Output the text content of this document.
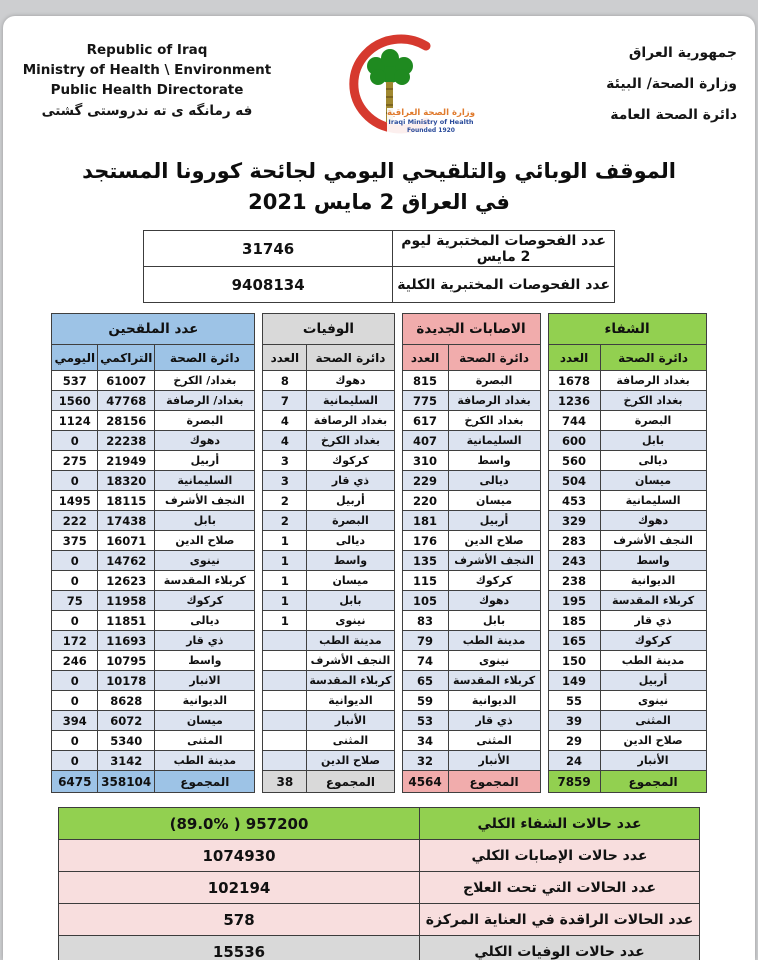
Republic of Iraq
Ministry of Health \ Environment
Public Health Directorate
فه رمانگه ی ته ندروستی گشتی	وزارة الصحة العراقية
Iraqi Ministry of Health
Founded 1920
جمهورية العراق
وزارة الصحة/ البيئة
دائرة الصحة العامة
الموقف الوبائي والتلقيحي اليومي لجائحة كورونا المستجد
في العراق 2 مايس 2021
عدد الفحوصات المختبرية ليوم 2 مايس	31746
عدد الفحوصات المختبرية الكلية	9408134
الشفاء	
دائرة الصحة	العدد
بغداد الرصافة	1678
بغداد الكرخ	1236
البصرة	744
بابل	600
ديالى	560
ميسان	504
السليمانية	453
دهوك	329
النجف الأشرف	283
واسط	243
الديوانية	238
كربلاء المقدسة	195
ذي قار	185
كركوك	165
مدينة الطب	150
أربيل	149
نينوى	55
المثنى	39
صلاح الدين	29
الأنبار	24
المجموع	7859
الاصابات الجديدة	
دائرة الصحة	العدد
البصرة	815
بغداد الرصافة	775
بغداد الكرخ	617
السليمانية	407
واسط	310
ديالى	229
ميسان	220
أربيل	181
صلاح الدين	176
النجف الأشرف	135
كركوك	115
دهوك	105
بابل	83
مدينة الطب	79
نينوى	74
كربلاء المقدسة	65
الديوانية	59
ذي قار	53
المثنى	34
الأنبار	32
المجموع	4564
الوفيات	
دائرة الصحة	العدد
دهوك	8
السليمانية	7
بغداد الرصافة	4
بغداد الكرخ	4
كركوك	3
ذي قار	3
أربيل	2
البصرة	2
ديالى	1
واسط	1
ميسان	1
بابل	1
نينوى	1
مدينة الطب	
النجف الأشرف	
كربلاء المقدسة	
الديوانية	
الأنبار	
المثنى	
صلاح الدين	
المجموع	38
عدد الملقحين		
دائرة الصحة	التراكمي	اليومي
بغداد/ الكرخ	61007	537
بغداد/ الرصافة	47768	1560
البصرة	28156	1124
دهوك	22238	0
أربيل	21949	275
السليمانية	18320	0
النجف الأشرف	18115	1495
بابل	17438	222
صلاح الدين	16071	375
نينوى	14762	0
كربلاء المقدسة	12623	0
كركوك	11958	75
ديالى	11851	0
ذي قار	11693	172
واسط	10795	246
الانبار	10178	0
الديوانية	8628	0
ميسان	6072	394
المثنى	5340	0
مدينة الطب	3142	0
المجموع	358104	6475
عدد حالات الشفاء الكلي	(89.0% ) 957200
عدد حالات الإصابات الكلي	1074930
عدد الحالات التي تحت العلاج	102194
عدد الحالات الراقدة في العناية المركزة	578
عدد حالات الوفيات الكلي	15536
